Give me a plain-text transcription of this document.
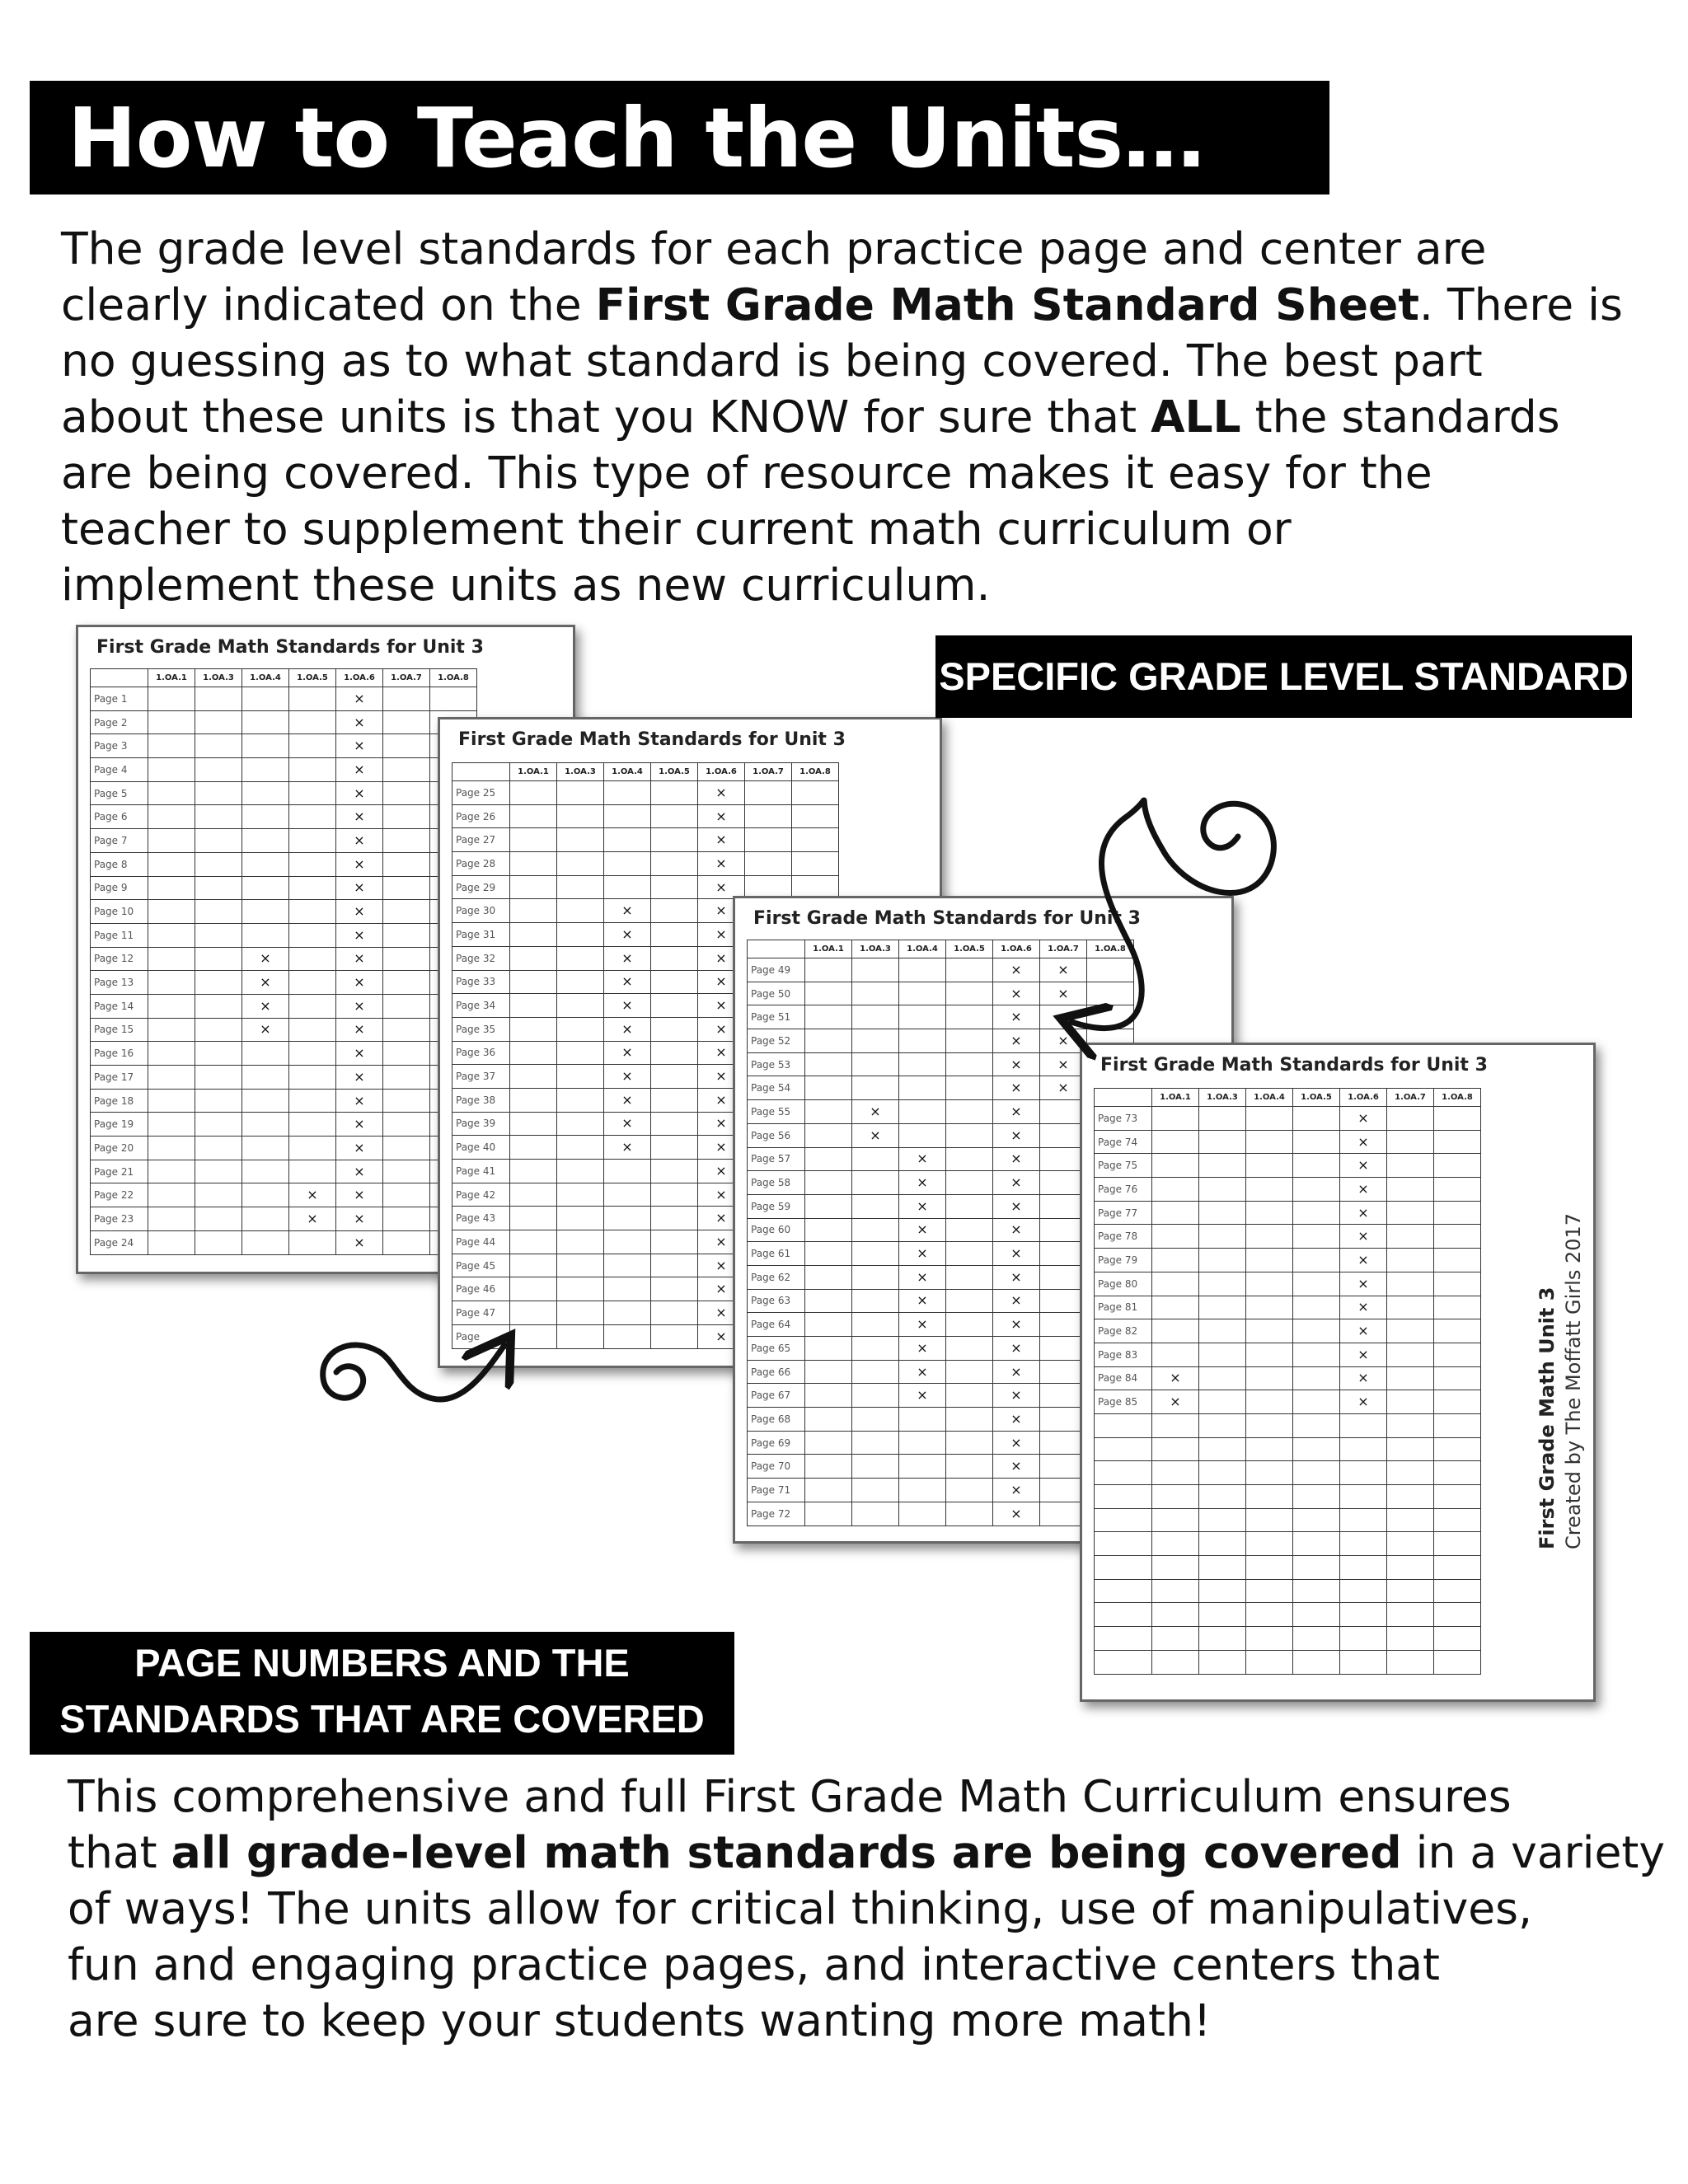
How to Teach the Units…

The grade level standards for each practice page and center are
clearly indicated on the First Grade Math Standard Sheet. There is
no guessing as to what standard is being covered. The best part
about these units is that you KNOW for sure that ALL the standards
are being covered. This type of resource makes it easy for the
teacher to supplement their current math curriculum or
implement these units as new curriculum.

First Grade Math Standards for Unit 3
	1.OA.1	1.OA.3	1.OA.4	1.OA.5	1.OA.6	1.OA.7	1.OA.8
Page 1					×		
Page 2					×		
Page 3					×		
Page 4					×		
Page 5					×		
Page 6					×		
Page 7					×		
Page 8					×		
Page 9					×		
Page 10					×		
Page 11					×		
Page 12			×		×		
Page 13			×		×		
Page 14			×		×		
Page 15			×		×		
Page 16					×		
Page 17					×		
Page 18					×		
Page 19					×		
Page 20					×		
Page 21					×		
Page 22				×	×		
Page 23				×	×		
Page 24					×		
First Grade Math Standards for Unit 3
	1.OA.1	1.OA.3	1.OA.4	1.OA.5	1.OA.6	1.OA.7	1.OA.8
Page 25					×		
Page 26					×		
Page 27					×		
Page 28					×		
Page 29					×		
Page 30			×		×		
Page 31			×		×		
Page 32			×		×		
Page 33			×		×		
Page 34			×		×		
Page 35			×		×		
Page 36			×		×		
Page 37			×		×		
Page 38			×		×		
Page 39			×		×		
Page 40			×		×		
Page 41					×		
Page 42					×		
Page 43					×		
Page 44					×		
Page 45					×		
Page 46					×		
Page 47					×		
Page					×		
First Grade Math Standards for Unit 3
	1.OA.1	1.OA.3	1.OA.4	1.OA.5	1.OA.6	1.OA.7	1.OA.8
Page 49					×	×	
Page 50					×	×	
Page 51					×		
Page 52					×	×	
Page 53					×	×	
Page 54					×	×	
Page 55		×			×		
Page 56		×			×		
Page 57			×		×		
Page 58			×		×		
Page 59			×		×		
Page 60			×		×		
Page 61			×		×		
Page 62			×		×		
Page 63			×		×		
Page 64			×		×		
Page 65			×		×		
Page 66			×		×		
Page 67			×		×		
Page 68					×		
Page 69					×		
Page 70					×		
Page 71					×		
Page 72					×		
First Grade Math Standards for Unit 3
	1.OA.1	1.OA.3	1.OA.4	1.OA.5	1.OA.6	1.OA.7	1.OA.8
Page 73					×		
Page 74					×		
Page 75					×		
Page 76					×		
Page 77					×		
Page 78					×		
Page 79					×		
Page 80					×		
Page 81					×		
Page 82					×		
Page 83					×		
Page 84	×				×		
Page 85	×				×		

								First Grade Math Unit 3 Created by The Moffatt Girls 2017
SPECIFIC GRADE LEVEL STANDARD
PAGE NUMBERS AND THE
STANDARDS THAT ARE COVERED

This comprehensive and full First Grade Math Curriculum ensures
that all grade-level math standards are being covered in a variety
of ways! The units allow for critical thinking, use of manipulatives,
fun and engaging practice pages, and interactive centers that
are sure to keep your students wanting more math!
